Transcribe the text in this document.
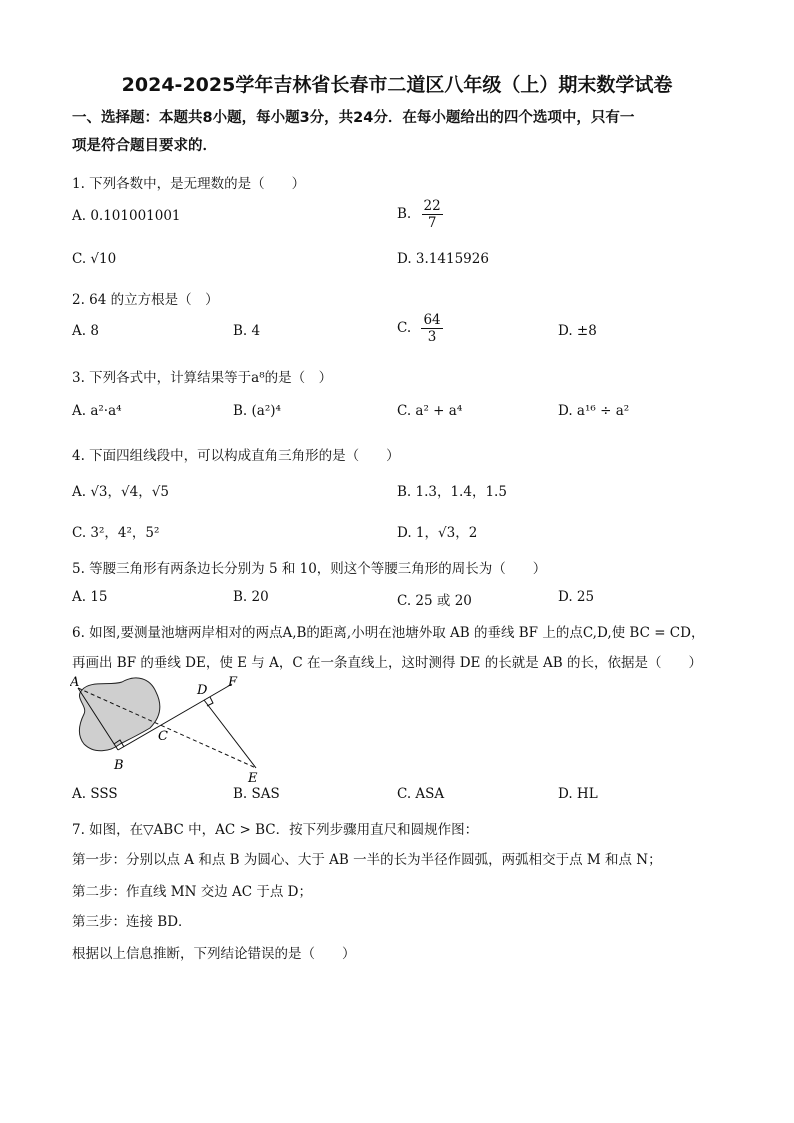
2024-2025学年吉林省长春市二道区八年级（上）期末数学试卷
一、选择题：本题共8小题，每小题3分，共24分．在每小题给出的四个选项中，只有一
项是符合题目要求的．
1. 下列各数中，是无理数的是（　　）
A. 0.101001001	B. $\frac{22}{7}$
C. √10	D. 3.1415926
2. 64 的立方根是（　）
A. 8	B. 4	C. $\frac{64}{3}$	D. ±8
3. 下列各式中，计算结果等于a⁸的是（　）
A. a²·a⁴	B. (a²)⁴	C. a² + a⁴	D. a¹⁶ ÷ a²
4. 下面四组线段中，可以构成直角三角形的是（　　）
A. √3，√4，√5	B. 1.3，1.4，1.5
C. 3²，4²，5²	D. 1，√3，2
5. 等腰三角形有两条边长分别为 5 和 10，则这个等腰三角形的周长为（　　）
A. 15	B. 20	C. 25 或 20	D. 25
6. 如图,要测量池塘两岸相对的两点A,B的距离,小明在池塘外取 AB 的垂线 BF 上的点C,D,使 BC = CD，
再画出 BF 的垂线 DE，使 E 与 A，C 在一条直线上，这时测得 DE 的长就是 AB 的长，依据是（　　）
A
B
C
D
E
F
A. SSS	B. SAS	C. ASA	D. HL
7. 如图，在▽ABC 中，AC > BC．按下列步骤用直尺和圆规作图：
第一步：分别以点 A 和点 B 为圆心、大于 AB 一半的长为半径作圆弧，两弧相交于点 M 和点 N；
第二步：作直线 MN 交边 AC 于点 D；
第三步：连接 BD．
根据以上信息推断，下列结论错误的是（　　）
